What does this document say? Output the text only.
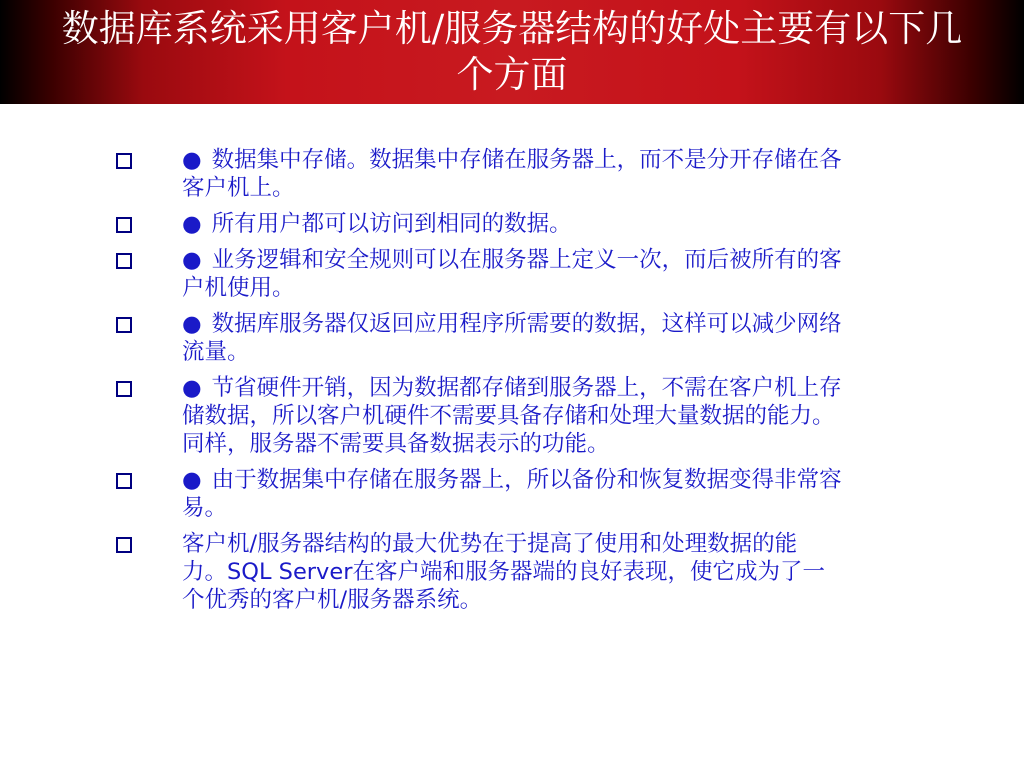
数据库系统采用客户机/服务器结构的好处主要有以下几个方面
● 数据集中存储。数据集中存储在服务器上，而不是分开存储在各客户机上。
● 所有用户都可以访问到相同的数据。
● 业务逻辑和安全规则可以在服务器上定义一次，而后被所有的客户机使用。
● 数据库服务器仅返回应用程序所需要的数据，这样可以减少网络流量。
● 节省硬件开销，因为数据都存储到服务器上，不需在客户机上存储数据，所以客户机硬件不需要具备存储和处理大量数据的能力。同样，服务器不需要具备数据表示的功能。
● 由于数据集中存储在服务器上，所以备份和恢复数据变得非常容易。
客户机/服务器结构的最大优势在于提高了使用和处理数据的能力。SQL Server在客户端和服务器端的良好表现，使它成为了一个优秀的客户机/服务器系统。
